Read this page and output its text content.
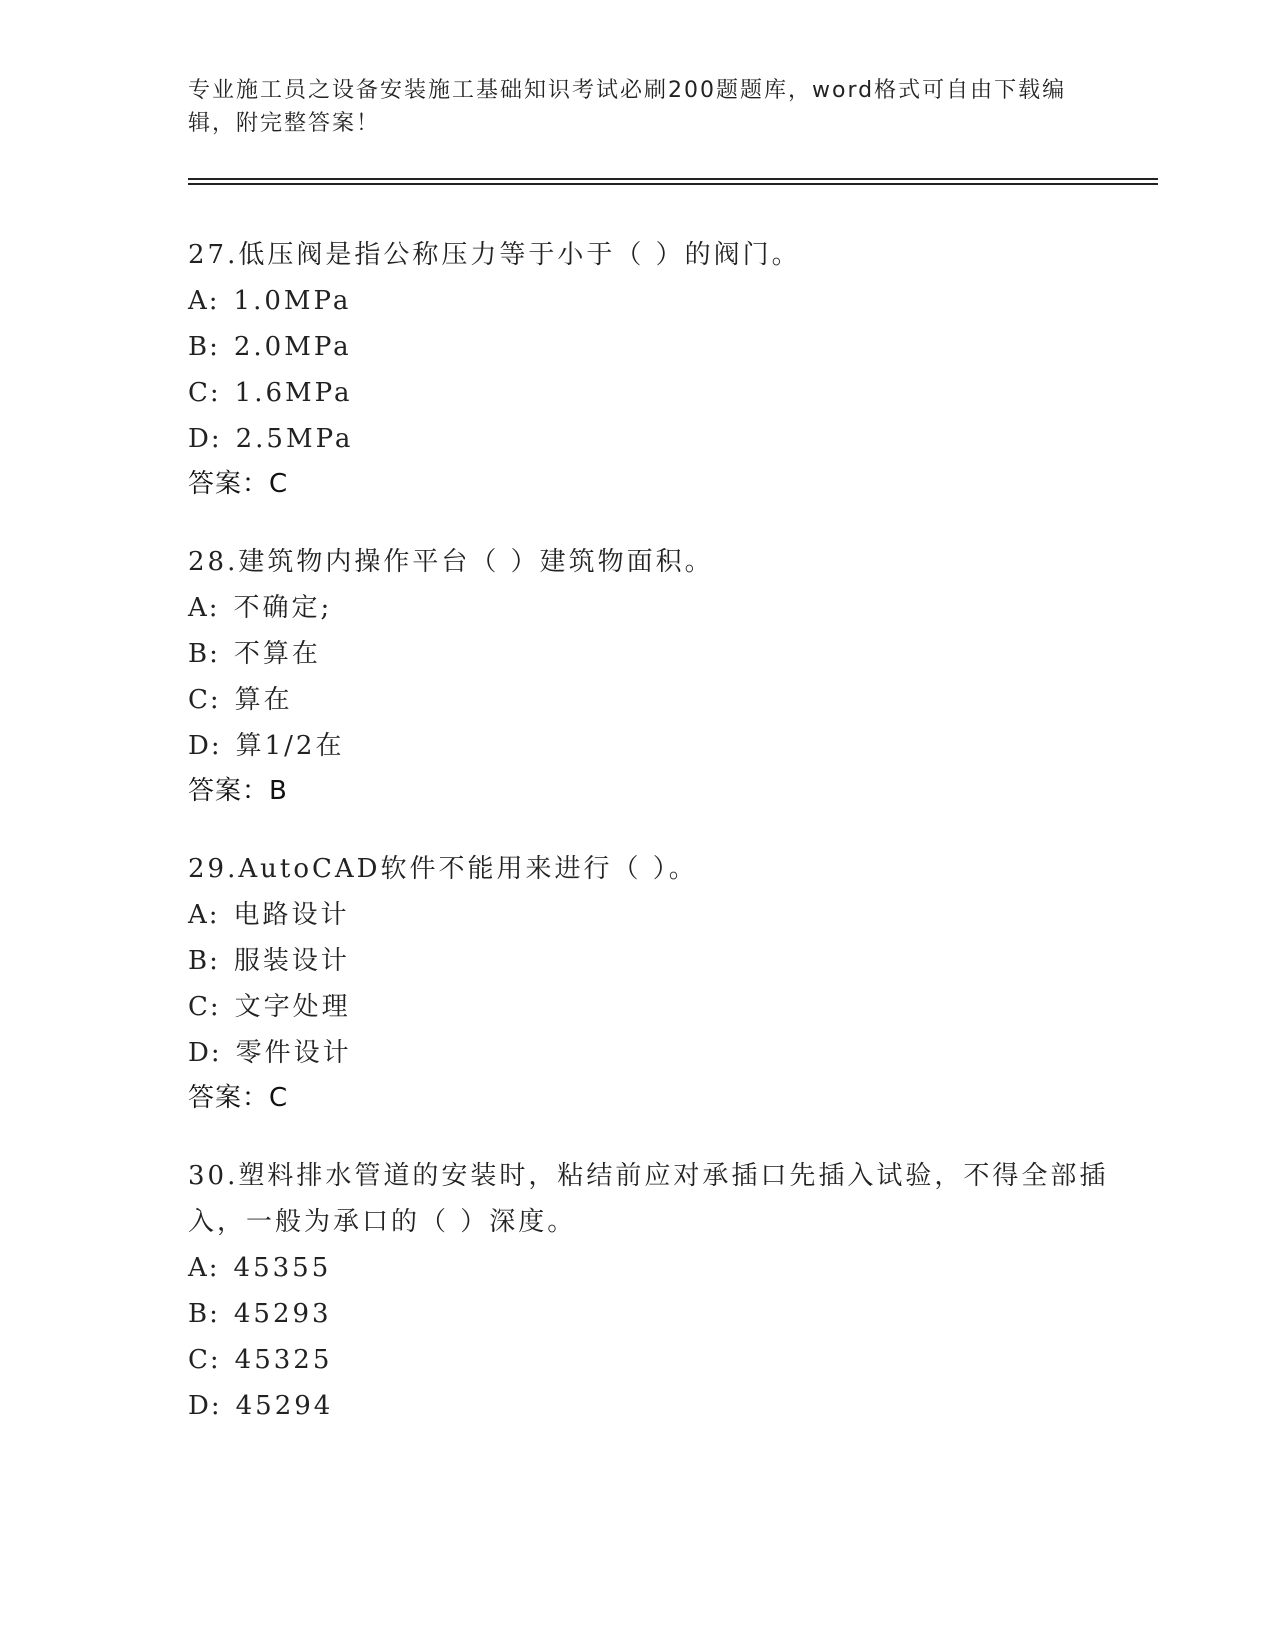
专业施工员之设备安装施工基础知识考试必刷200题题库，word格式可自由下载编辑，附完整答案！
27.低压阀是指公称压力等于小于（ ）的阀门。
A: 1.0MPa
B: 2.0MPa
C: 1.6MPa
D: 2.5MPa
答案：C
28.建筑物内操作平台（ ）建筑物面积。
A: 不确定;
B: 不算在
C: 算在
D: 算1/2在
答案：B
29.AutoCAD软件不能用来进行（ ）。
A: 电路设计
B: 服装设计
C: 文字处理
D: 零件设计
答案：C
30.塑料排水管道的安装时，粘结前应对承插口先插入试验，不得全部插入，一般为承口的（ ）深度。
A: 45355
B: 45293
C: 45325
D: 45294
